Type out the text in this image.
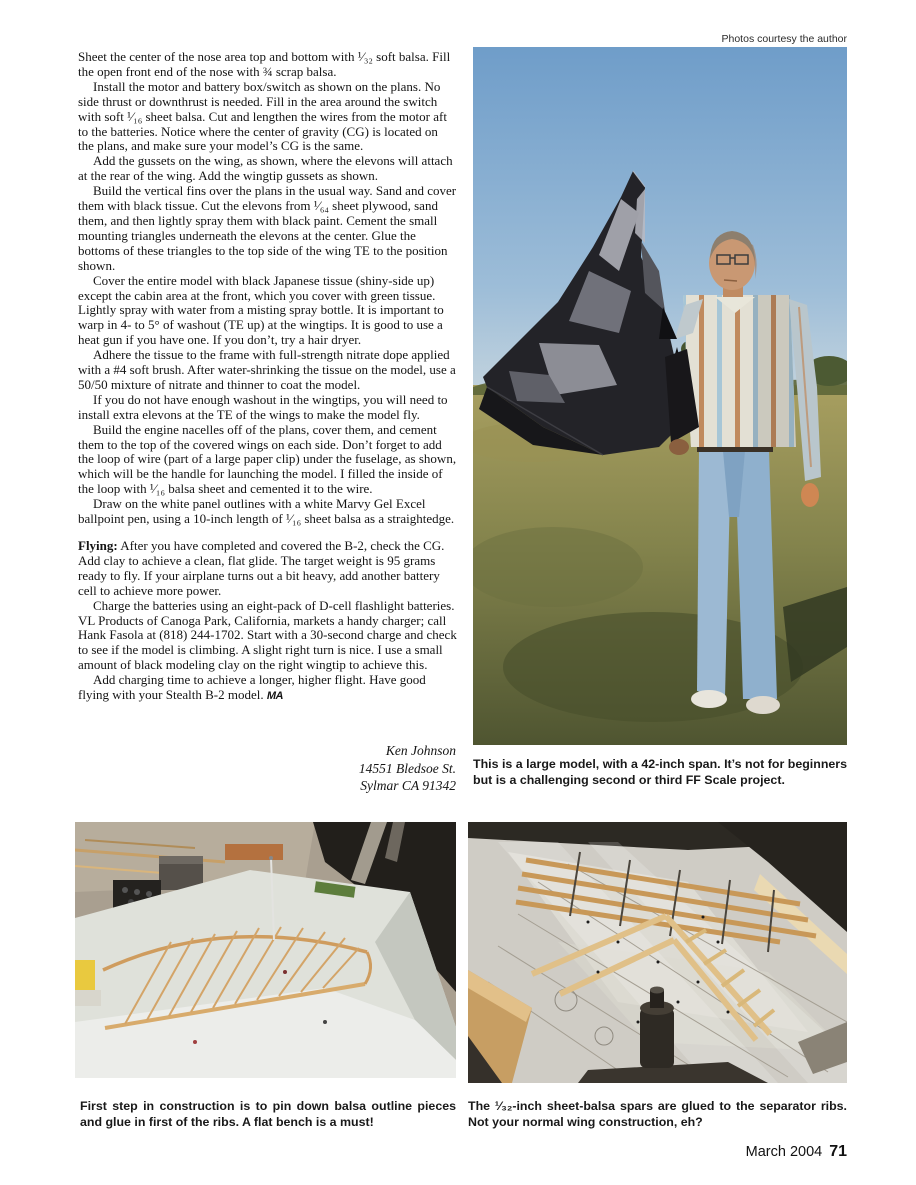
Photos courtesy the author

Sheet the center of the nose area top and bottom with ¹⁄₃₂ soft balsa. Fill the open front end of the nose with ¾ scrap balsa.

Install the motor and battery box/switch as shown on the plans. No side thrust or downthrust is needed. Fill in the area around the switch with soft ¹⁄₁₆ sheet balsa. Cut and lengthen the wires from the motor aft to the batteries. Notice where the center of gravity (CG) is located on the plans, and make sure your model’s CG is the same.

Add the gussets on the wing, as shown, where the elevons will attach at the rear of the wing. Add the wingtip gussets as shown.

Build the vertical fins over the plans in the usual way. Sand and cover them with black tissue. Cut the elevons from ¹⁄₆₄ sheet plywood, sand them, and then lightly spray them with black paint. Cement the small mounting triangles underneath the elevons at the center. Glue the bottoms of these triangles to the top side of the wing TE to the position shown.

Cover the entire model with black Japanese tissue (shiny-side up) except the cabin area at the front, which you cover with green tissue. Lightly spray with water from a misting spray bottle. It is important to warp in 4- to 5° of washout (TE up) at the wingtips. It is good to use a heat gun if you have one. If you don’t, try a hair dryer.

Adhere the tissue to the frame with full-strength nitrate dope applied with a #4 soft brush. After water-shrinking the tissue on the model, use a 50/50 mixture of nitrate and thinner to coat the model.

If you do not have enough washout in the wingtips, you will need to install extra elevons at the TE of the wings to make the model fly.

Build the engine nacelles off of the plans, cover them, and cement them to the top of the covered wings on each side. Don’t forget to add the loop of wire (part of a large paper clip) under the fuselage, as shown, which will be the handle for launching the model. I filled the inside of the loop with ¹⁄₁₆ balsa sheet and cemented it to the wire.

Draw on the white panel outlines with a white Marvy Gel Excel ballpoint pen, using a 10-inch length of ¹⁄₁₆ sheet balsa as a straightedge.

Flying: After you have completed and covered the B-2, check the CG. Add clay to achieve a clean, flat glide. The target weight is 95 grams ready to fly. If your airplane turns out a bit heavy, add another battery cell to achieve more power.

Charge the batteries using an eight-pack of D-cell flashlight batteries. VL Products of Canoga Park, California, markets a handy charger; call Hank Fasola at (818) 244-1702. Start with a 30-second charge and check to see if the model is climbing. A slight right turn is nice. I use a small amount of black modeling clay on the right wingtip to achieve this.

Add charging time to achieve a longer, higher flight. Have good flying with your Stealth B-2 model. MA

Ken Johnson
14551 Bledsoe St.
Sylmar CA 91342
This is a large model, with a 42-inch span. It’s not for beginners but is a challenging second or third FF Scale project.
First step in construction is to pin down balsa outline pieces and glue in first of the ribs. A flat bench is a must!
The ¹⁄₃₂-inch sheet-balsa spars are glued to the separator ribs. Not your normal wing construction, eh?
March 2004 71
